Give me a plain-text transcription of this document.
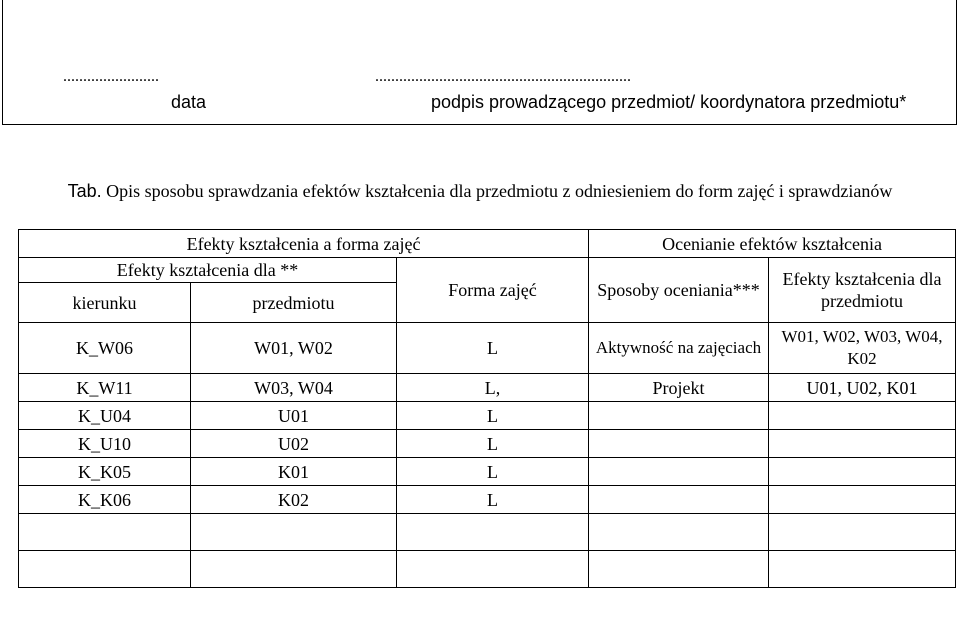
........................	................................................................
data	podpis prowadzącego przedmiot/ koordynatora przedmiotu*
Tab. Opis sposobu sprawdzania efektów kształcenia dla przedmiotu z odniesieniem do form zajęć i sprawdzianów
Efekty kształcenia a forma zajęć			Ocenianie efektów kształcenia	
Efekty kształcenia dla **		Forma zajęć	Sposoby oceniania***	Efekty kształcenia dla przedmiotu
kierunku	przedmiotu			
K_W06	W01, W02	L	Aktywność na zajęciach	W01, W02, W03, W04, K02
K_W11	W03, W04	L,	Projekt	U01, U02, K01
K_U04	U01	L		
K_U10	U02	L		
K_K05	K01	L		
K_K06	K02	L		
